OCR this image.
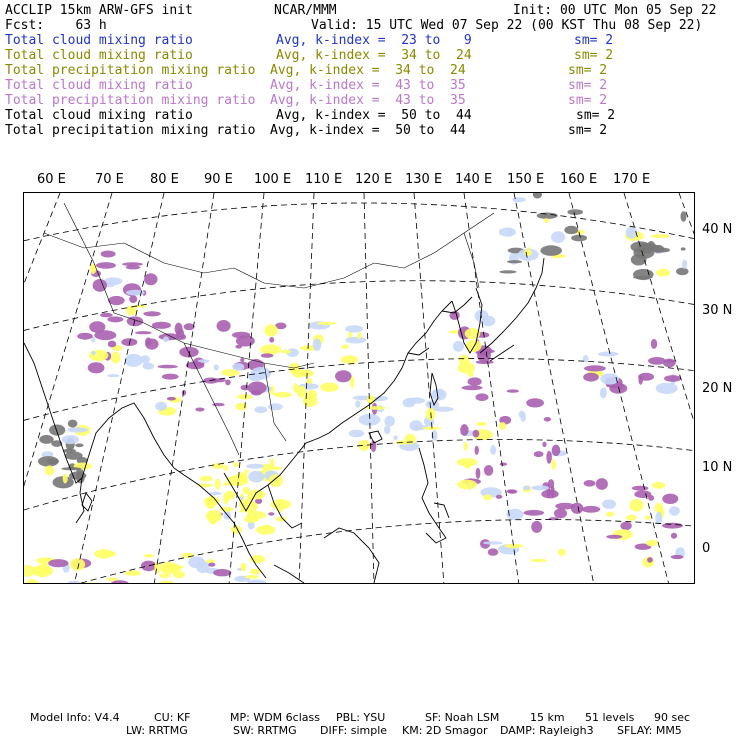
ACCLIP 15km ARW-GFS init	NCAR/MMM	Init: 00 UTC Mon 05 Sep 22
Fcst:    63 h	Valid: 15 UTC Wed 07 Sep 22 (00 KST Thu 08 Sep 22)
Total cloud mixing ratio	Avg, k-index =  23 to   9	sm= 2
Total cloud mixing ratio	Avg, k-index =  34 to  24	sm= 2
Total precipitation mixing ratio Avg, k-index =  34 to  24	sm= 2
Total cloud mixing ratio	Avg, k-index =  43 to  35	sm= 2
Total precipitation mixing ratio Avg, k-index =  43 to  35	sm= 2
Total cloud mixing ratio	Avg, k-index =  50 to  44	sm= 2
Total precipitation mixing ratio Avg, k-index =  50 to  44	sm= 2
60 E 70 E 80 E 90 E 100 E 110 E 120 E 130 E 140 E 150 E 160 E 170 E
40 N
30 N
20 N
10 N
0
Model Info: V4.4	CU: KF	MP: WDM 6class PBL: YSU	SF: Noah LSM	15 km 51 levels 90 sec
LW: RRTMG	SW: RRTMG DIFF: simple KM: 2D Smagor DAMP: Rayleigh3 SFLAY: MM5
